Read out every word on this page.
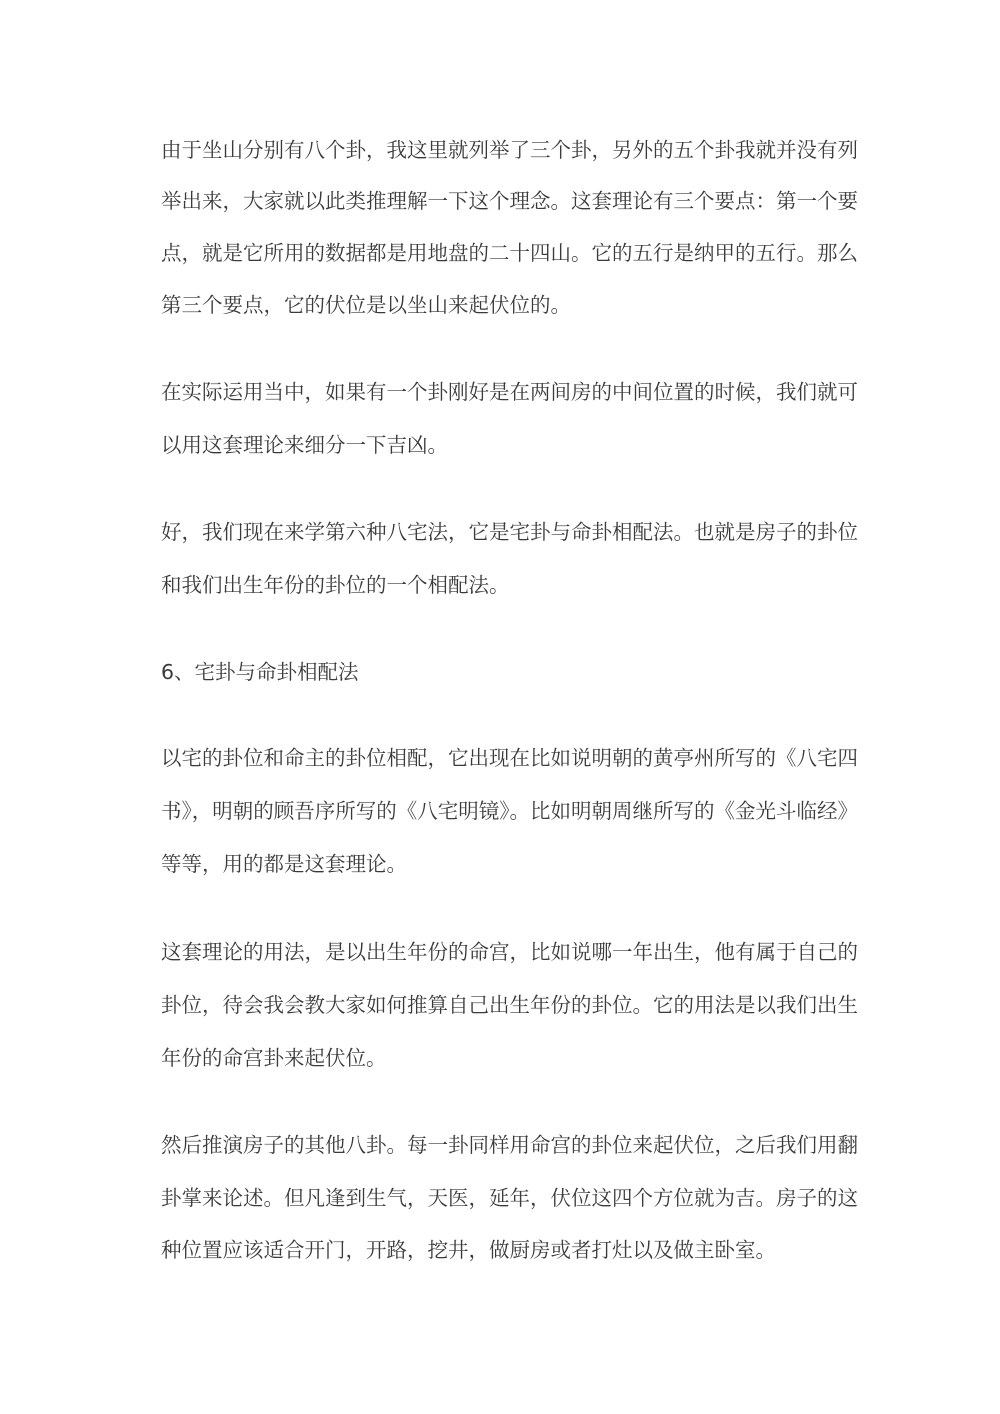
由于坐山分别有八个卦，我这里就列举了三个卦，另外的五个卦我就并没有列
举出来，大家就以此类推理解一下这个理念。这套理论有三个要点：第一个要
点，就是它所用的数据都是用地盘的二十四山。它的五行是纳甲的五行。那么
第三个要点，它的伏位是以坐山来起伏位的。
在实际运用当中，如果有一个卦刚好是在两间房的中间位置的时候，我们就可
以用这套理论来细分一下吉凶。
好，我们现在来学第六种八宅法，它是宅卦与命卦相配法。也就是房子的卦位
和我们出生年份的卦位的一个相配法。
6、宅卦与命卦相配法
以宅的卦位和命主的卦位相配，它出现在比如说明朝的黄亭州所写的《八宅四
书》，明朝的顾吾序所写的《八宅明镜》。比如明朝周继所写的《金光斗临经》
等等，用的都是这套理论。
这套理论的用法，是以出生年份的命宫，比如说哪一年出生，他有属于自己的
卦位，待会我会教大家如何推算自己出生年份的卦位。它的用法是以我们出生
年份的命宫卦来起伏位。
然后推演房子的其他八卦。每一卦同样用命宫的卦位来起伏位，之后我们用翻
卦掌来论述。但凡逢到生气，天医，延年，伏位这四个方位就为吉。房子的这
种位置应该适合开门，开路，挖井，做厨房或者打灶以及做主卧室。
